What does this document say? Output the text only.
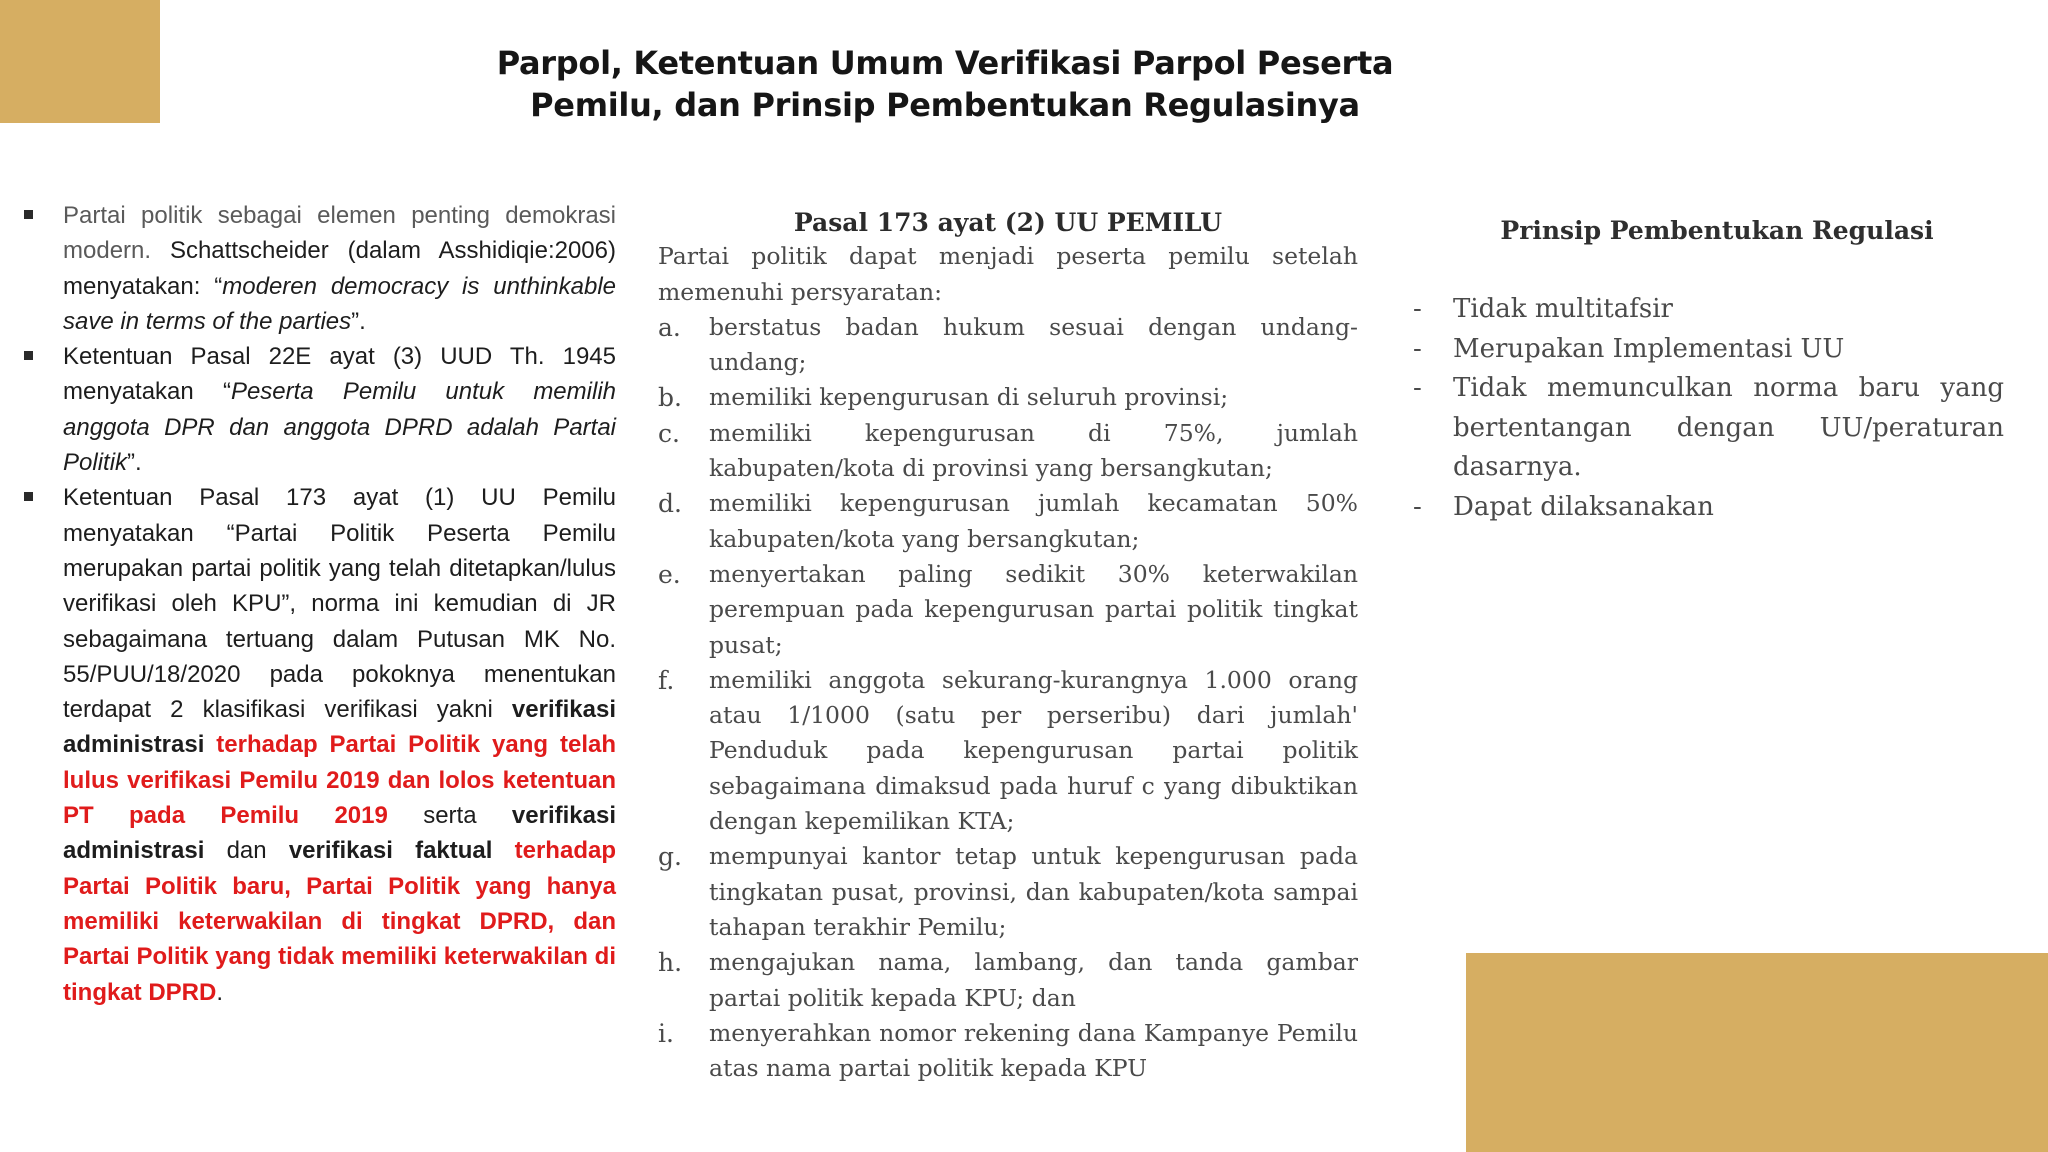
Parpol, Ketentuan Umum Verifikasi Parpol Peserta
Pemilu, dan Prinsip Pembentukan Regulasinya
Partai politik sebagai elemen penting demokrasi modern. Schattscheider (dalam Asshidiqie:2006) menyatakan: “moderen democracy is unthinkable save in terms of the parties”.
Ketentuan Pasal 22E ayat (3) UUD Th. 1945 menyatakan “Peserta Pemilu untuk memilih anggota DPR dan anggota DPRD adalah Partai Politik”.
Ketentuan Pasal 173 ayat (1) UU Pemilu menyatakan “Partai Politik Peserta Pemilu merupakan partai politik yang telah ditetapkan/lulus verifikasi oleh KPU”, norma ini kemudian di JR sebagaimana tertuang dalam Putusan MK No. 55/PUU/18/2020 pada pokoknya menentukan terdapat 2 klasifikasi verifikasi yakni verifikasi administrasi terhadap Partai Politik yang telah lulus verifikasi Pemilu 2019 dan lolos ketentuan PT pada Pemilu 2019 serta verifikasi administrasi dan verifikasi faktual terhadap Partai Politik baru, Partai Politik yang hanya memiliki keterwakilan di tingkat DPRD, dan Partai Politik yang tidak memiliki keterwakilan di tingkat DPRD.
Pasal 173 ayat (2) UU PEMILU
Partai politik dapat menjadi peserta pemilu setelah memenuhi persyaratan:
a. berstatus badan hukum sesuai dengan undang-undang;
b. memiliki kepengurusan di seluruh provinsi;
c. memiliki kepengurusan di 75%, jumlah kabupaten/kota di provinsi yang bersangkutan;
d. memiliki kepengurusan jumlah kecamatan 50% kabupaten/kota yang bersangkutan;
e. menyertakan paling sedikit 30% keterwakilan perempuan pada kepengurusan partai politik tingkat pusat;
f. memiliki anggota sekurang-kurangnya 1.000 orang atau 1/1000 (satu per perseribu) dari jumlah' Penduduk pada kepengurusan partai politik sebagaimana dimaksud pada huruf c yang dibuktikan dengan kepemilikan KTA;
g. mempunyai kantor tetap untuk kepengurusan pada tingkatan pusat, provinsi, dan kabupaten/kota sampai tahapan terakhir Pemilu;
h. mengajukan nama, lambang, dan tanda gambar partai politik kepada KPU; dan
i. menyerahkan nomor rekening dana Kampanye Pemilu atas nama partai politik kepada KPU
Prinsip Pembentukan Regulasi
- Tidak multitafsir
- Merupakan Implementasi UU
- Tidak memunculkan norma baru yang bertentangan dengan UU/peraturan dasarnya.
- Dapat dilaksanakan
